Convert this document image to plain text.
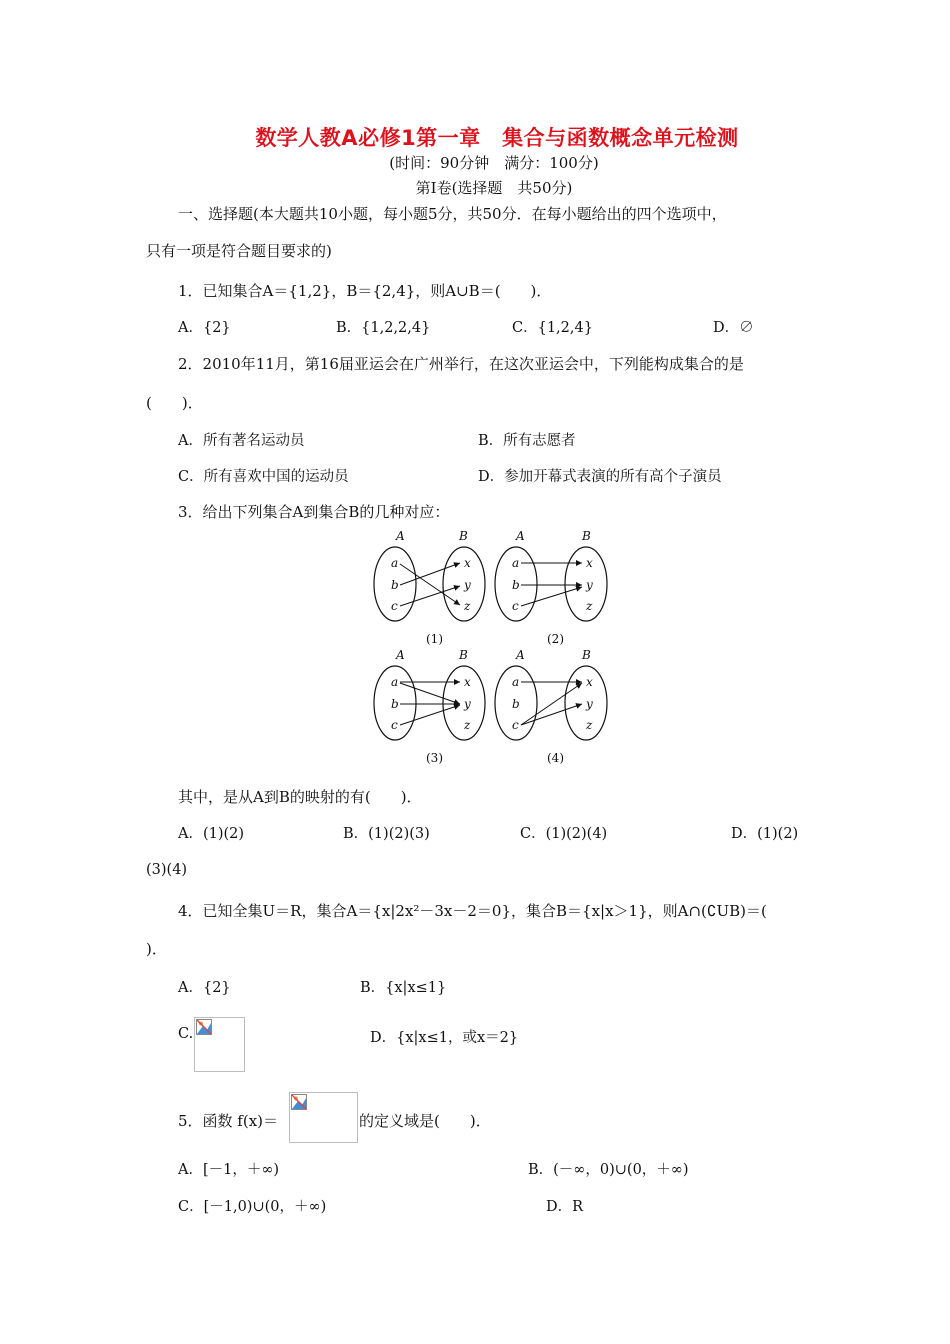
数学人教A必修1第一章　集合与函数概念单元检测
(时间：90分钟　满分：100分)
第Ⅰ卷(选择题　共50分)
一、选择题(本大题共10小题，每小题5分，共50分．在每小题给出的四个选项中，
只有一项是符合题目要求的)
1．已知集合A＝{1,2}，B＝{2,4}，则A∪B＝(　　)．
A．{2}	B．{1,2,2,4}	C．{1,2,4}	D．∅
2．2010年11月，第16届亚运会在广州举行，在这次亚运会中，下列能构成集合的是
(　　)．
A．所有著名运动员	B．所有志愿者
C．所有喜欢中国的运动员	D．参加开幕式表演的所有高个子演员
3．给出下列集合A到集合B的几种对应：
A	B
a
b
c
x
y
z
(1)
A	B
a
b
c
x
y
z
(2)
A	B
a
b
c
x
y
z
(3)
A	B
a
b
c
x
y
z
(4)
其中，是从A到B的映射的有(　　)．
A．(1)(2)	B．(1)(2)(3)	C．(1)(2)(4)	D．(1)(2)
(3)(4)
4．已知全集U＝R，集合A＝{x|2x²－3x－2＝0}，集合B＝{x|x＞1}，则A∩(∁UB)＝(
)．
A．{2}	B．{x|x≤1}
C.	D．{x|x≤1，或x＝2}
5．函数 f(x)＝	的定义域是(　　)．
A．[－1，＋∞)	B．(－∞，0)∪(0，＋∞)
C．[－1,0)∪(0，＋∞)	D．R
